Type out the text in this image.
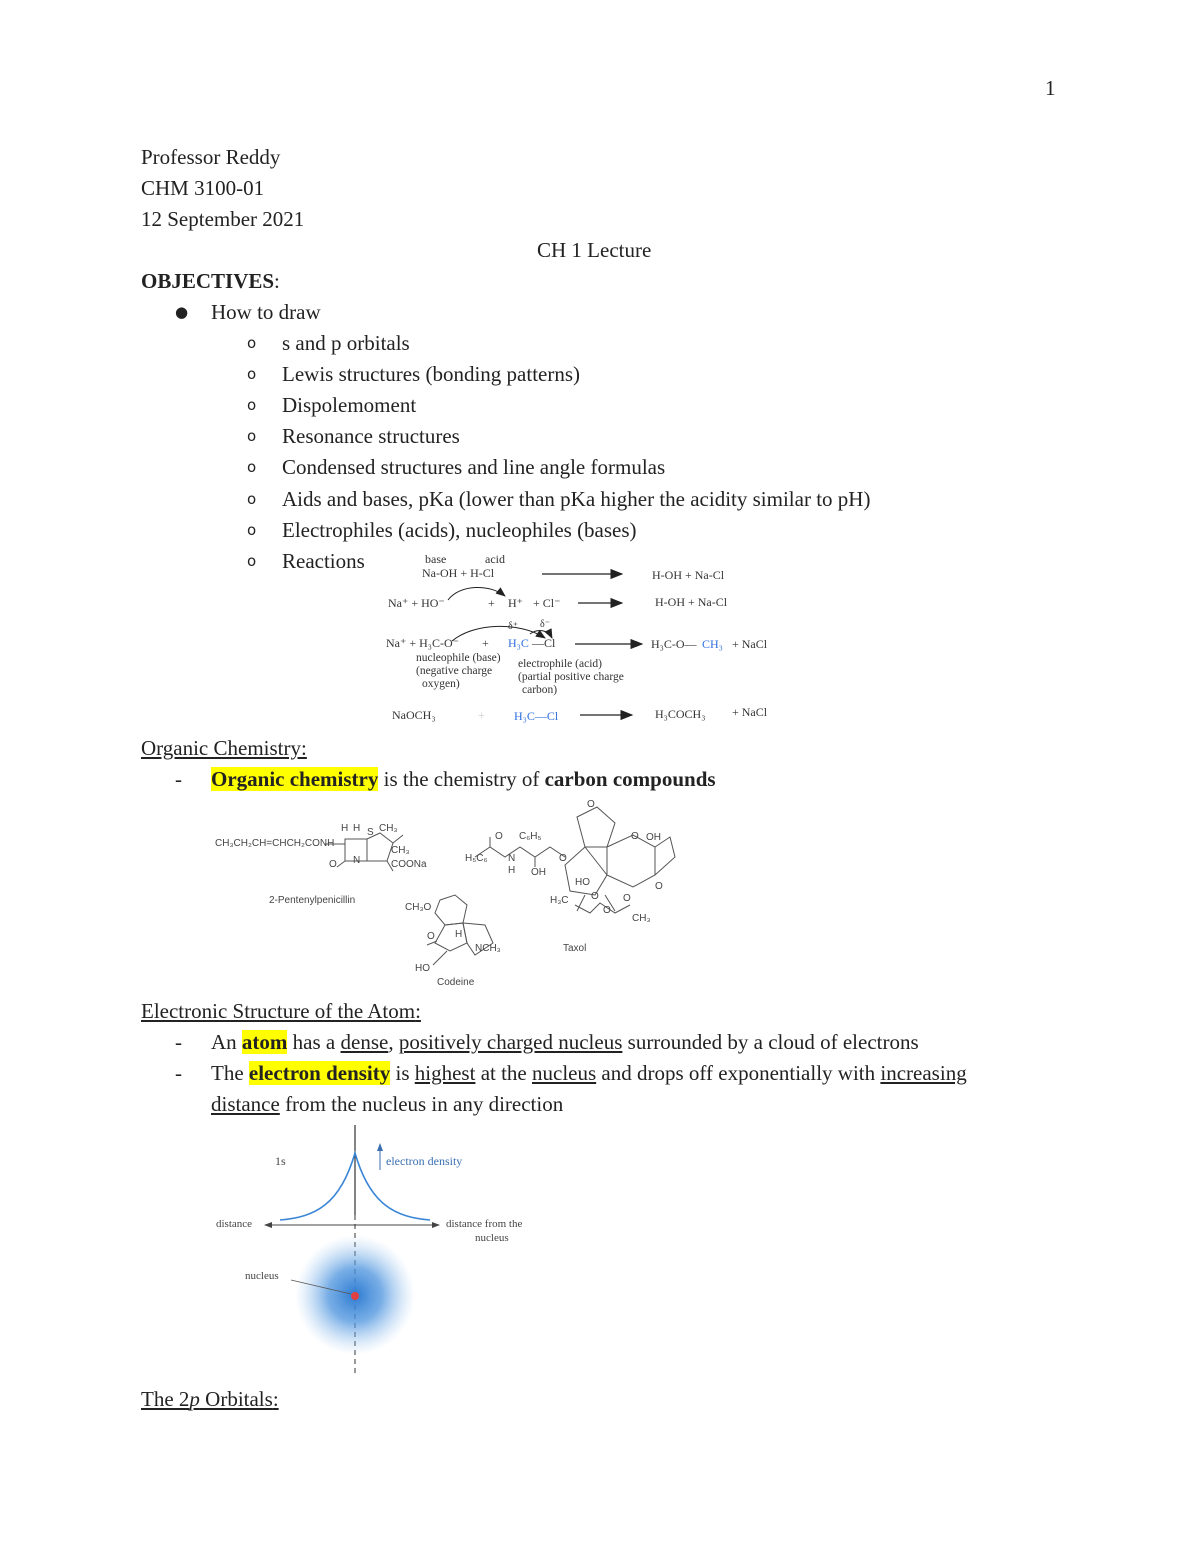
1
Professor Reddy
CHM 3100-01
12 September 2021
CH 1 Lecture
OBJECTIVES:
● How to draw
o s and p orbitals
o Lewis structures (bonding patterns)
o Dispolemoment
o Resonance structures
o Condensed structures and line angle formulas
o Aids and bases, pKa (lower than pKa higher the acidity similar to pH)
o Electrophiles (acids), nucleophiles (bases)
o Reactions	base	acid
Na-OH + H-Cl	H-OH + Na-Cl
Na⁺ + HO⁻	+ H⁺ + Cl⁻	H-OH + Na-Cl
δ⁺ δ⁻
Na⁺ + H₃C-O⁻ + H₃C —Cl	H₃C-O— CH₃ + NaCl
nucleophile (base)
(negative charge
oxygen)
electrophile (acid)
(partial positive charge
carbon)
NaOCH₃	+ H₃C—Cl	H₃COCH₃ + NaCl
Organic Chemistry:
- Organic chemistry is the chemistry of carbon compounds
CH₃CH₂CH=CHCH₂CONH
H H S CH₃
CH₃
COONa
O N
2-Pentenylpenicillin
CH₃O
O H
NCH₃
HO
Codeine
O
C₆H₅
O
H₅C₆ N
H OH
O
O OH
HO
H₃C O
O
CH₃
O
O
Taxol
Electronic Structure of the Atom:
- An atom has a dense, positively charged nucleus surrounded by a cloud of electrons
- The electron density is highest at the nucleus and drops off exponentially with increasing
distance from the nucleus in any direction
1s	electron density
distance	distance from the
nucleus
nucleus
The 2p Orbitals:
